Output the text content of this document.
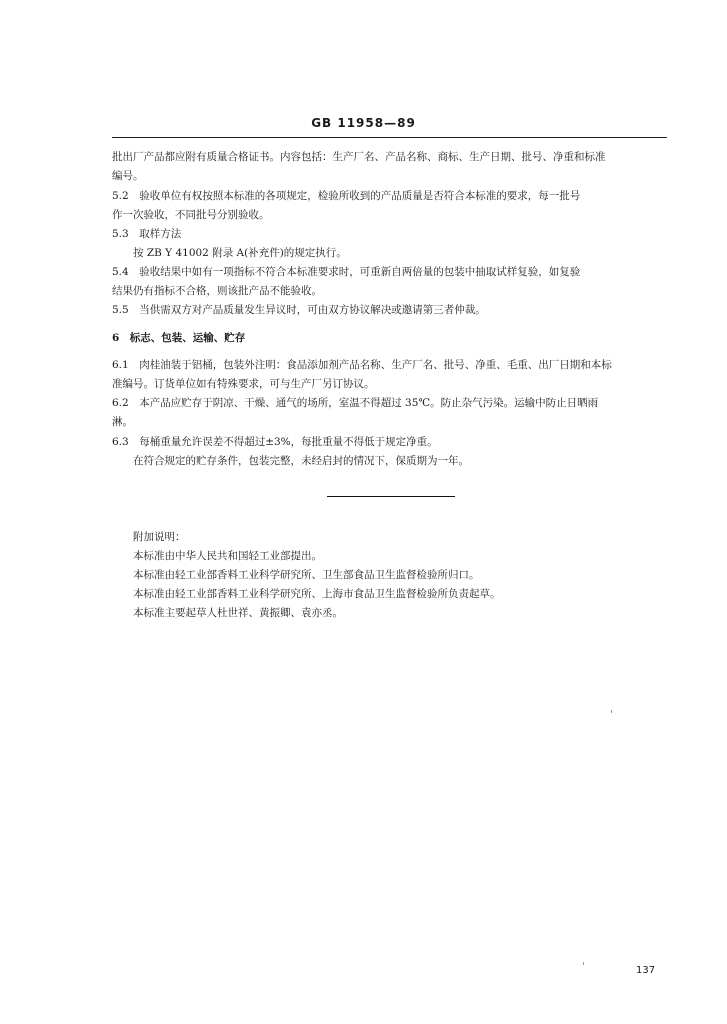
GB 11958—89
批出厂产品都应附有质量合格证书。内容包括：生产厂名、产品名称、商标、生产日期、批号、净重和标准
编号。
5.2　验收单位有权按照本标准的各项规定，检验所收到的产品质量是否符合本标准的要求，每一批号
作一次验收，不同批号分别验收。
5.3　取样方法
按 ZB Y 41002 附录 A(补充件)的规定执行。
5.4　验收结果中如有一项指标不符合本标准要求时，可重新自两倍量的包装中抽取试样复验，如复验
结果仍有指标不合格，则该批产品不能验收。
5.5　当供需双方对产品质量发生异议时，可由双方协议解决或邀请第三者仲裁。
6　标志、包装、运输、贮存
6.1　肉桂油装于铝桶，包装外注明：食品添加剂产品名称、生产厂名、批号、净重、毛重、出厂日期和本标
准编号。订货单位如有特殊要求，可与生产厂另订协议。
6.2　本产品应贮存于阴凉、干燥、通气的场所，室温不得超过 35℃。防止杂气污染。运输中防止日晒雨
淋。
6.3　每桶重量允许误差不得超过±3%，每批重量不得低于规定净重。
在符合规定的贮存条件，包装完整，未经启封的情况下，保质期为一年。
附加说明：
本标准由中华人民共和国轻工业部提出。
本标准由轻工业部香料工业科学研究所、卫生部食品卫生监督检验所归口。
本标准由轻工业部香料工业科学研究所、上海市食品卫生监督检验所负责起草。
本标准主要起草人杜世祥、黄振卿、袁亦丞。
137
